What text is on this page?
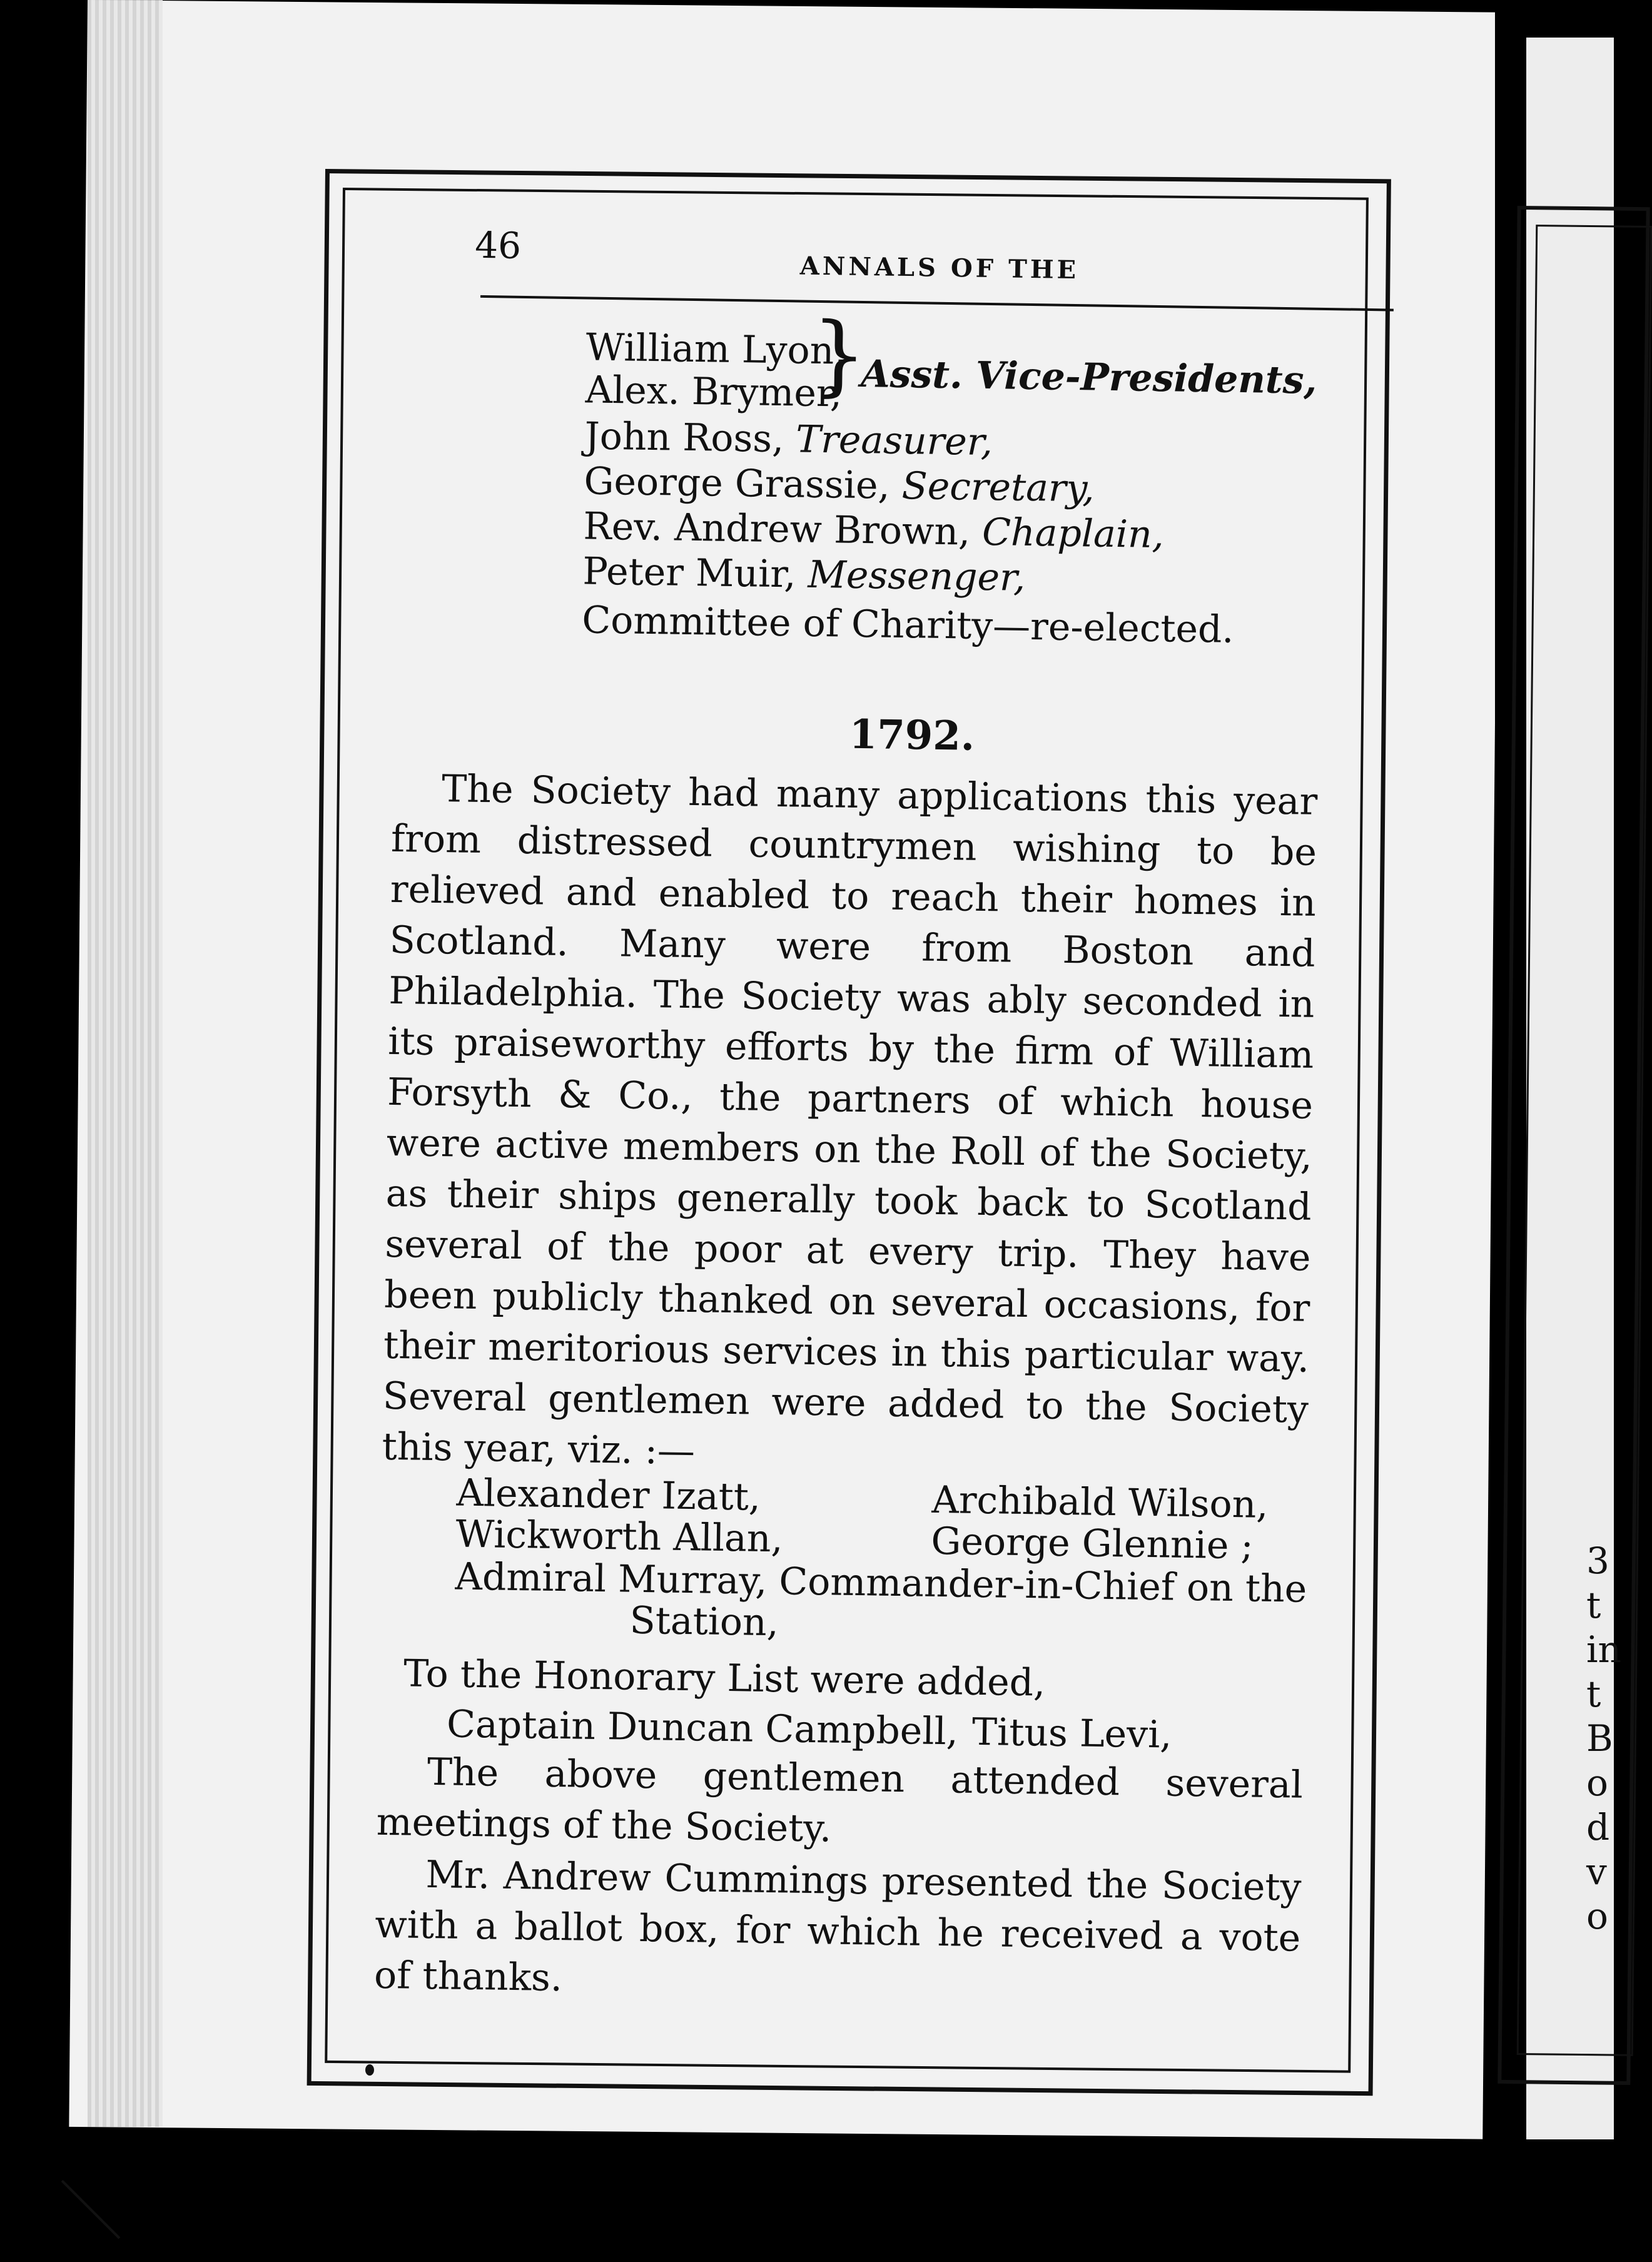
3
t
in
t
B
o
d
v
o
46
ANNALS OF THE
William Lyon,
Alex. Brymer,
}
Asst. Vice-Presidents,
John Ross, Treasurer,
George Grassie, Secretary,
Rev. Andrew Brown, Chaplain,
Peter Muir, Messenger,
Committee of Charity—re-elected.
1792.
The Society had many applications this year from distressed countrymen wishing to be relieved and enabled to reach their homes in Scotland. Many were from Boston and Philadelphia. The Society was ably seconded in its praiseworthy efforts by the firm of William Forsyth & Co., the partners of which house were active members on the Roll of the Society, as their ships generally took back to Scotland several of the poor at every trip. They have been publicly thanked on several occasions, for their meritorious services in this particular way. Several gentlemen were added to the Society this year, viz. :—
Alexander Izatt,	Archibald Wilson,
Wickworth Allan,	George Glennie ;
Admiral Murray, Commander-in-Chief on the
Station,
To the Honorary List were added,
Captain Duncan Campbell, Titus Levi,
The above gentlemen attended several meetings of the Society.
Mr. Andrew Cummings presented the Society with a ballot box, for which he received a vote of thanks.
